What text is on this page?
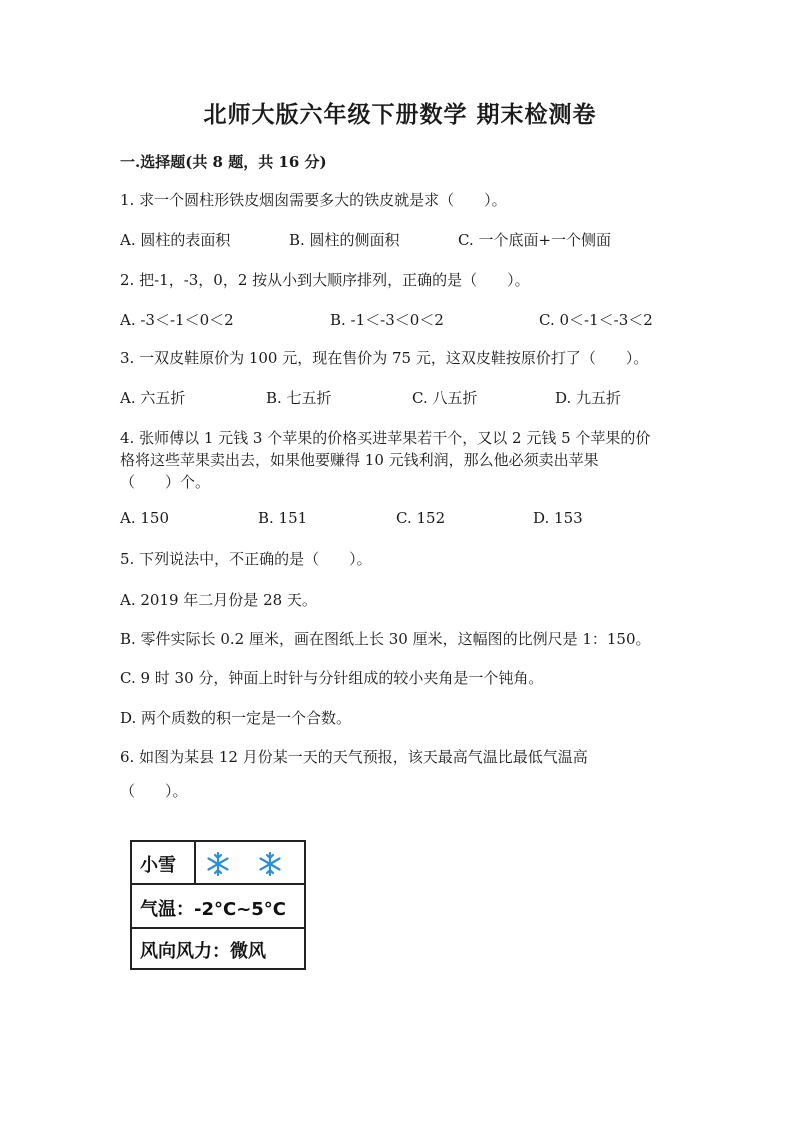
北师大版六年级下册数学 期末检测卷
一.选择题(共 8 题，共 16 分)
1. 求一个圆柱形铁皮烟囱需要多大的铁皮就是求（　　）。
A. 圆柱的表面积	B. 圆柱的侧面积	C. 一个底面+一个侧面
2. 把-1，-3，0，2 按从小到大顺序排列，正确的是（　　）。
A. -3＜-1＜0＜2	B. -1＜-3＜0＜2	C. 0＜-1＜-3＜2
3. 一双皮鞋原价为 100 元，现在售价为 75 元，这双皮鞋按原价打了（　　）。
A. 六五折	B. 七五折	C. 八五折	D. 九五折
4. 张师傅以 1 元钱 3 个苹果的价格买进苹果若干个，又以 2 元钱 5 个苹果的价
格将这些苹果卖出去，如果他要赚得 10 元钱利润，那么他必须卖出苹果
（　　）个。
A. 150	B. 151	C. 152	D. 153
5. 下列说法中，不正确的是（　　）。
A. 2019 年二月份是 28 天。
B. 零件实际长 0.2 厘米，画在图纸上长 30 厘米，这幅图的比例尺是 1：150。
C. 9 时 30 分，钟面上时针与分针组成的较小夹角是一个钝角。
D. 两个质数的积一定是一个合数。
6. 如图为某县 12 月份某一天的天气预报，该天最高气温比最低气温高
（　　）。
小雪
气温：-2°C~5°C
风向风力：微风
